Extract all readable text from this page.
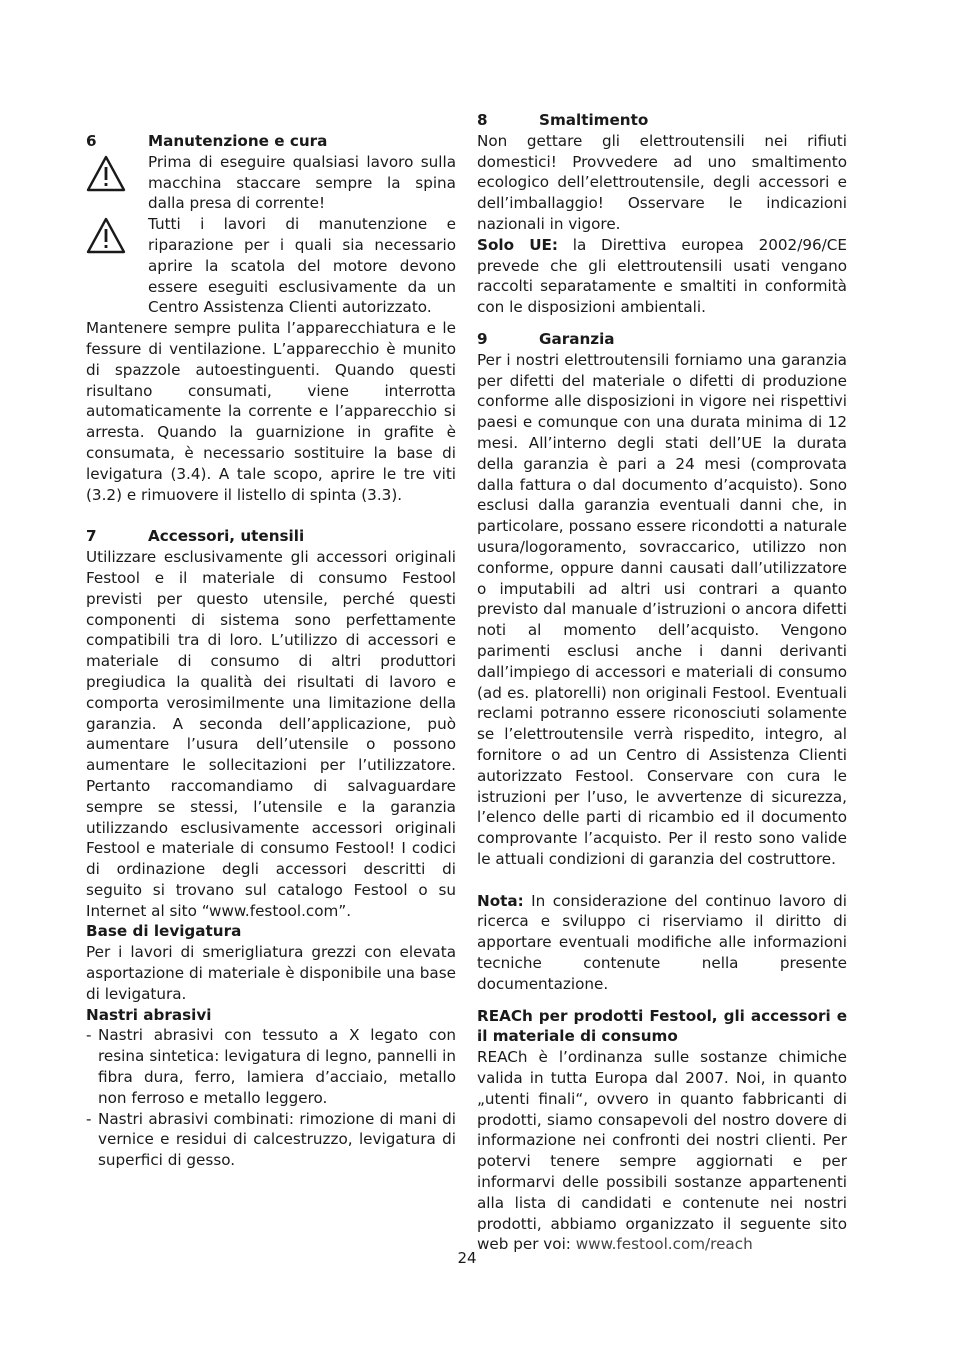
6	Manutenzione e cura

Prima di eseguire qualsiasi lavoro sulla macchina staccare sempre la spina dalla presa di corrente!

Tutti i lavori di manutenzione e riparazione per i quali sia necessario aprire la scatola del motore devono essere eseguiti esclusivamente da un Centro Assistenza Clienti autorizzato.

Mantenere sempre pulita l’apparecchiatura e le fessure di ventilazione. L’apparecchio è munito di spazzole autoestinguenti. Quando questi risultano consumati, viene interrotta automaticamente la corrente e l’apparecchio si arresta. Quando la guarnizione in grafite è consumata, è necessario sostituire la base di levigatura (3.4). A tale scopo, aprire le tre viti (3.2) e rimuovere il listello di spinta (3.3).

7	Accessori, utensili

Utilizzare esclusivamente gli accessori originali Festool e il materiale di consumo Festool previsti per questo utensile, perché questi componenti di sistema sono perfettamente compatibili tra di loro. L’utilizzo di accessori e materiale di consumo di altri produttori pregiudica la qualità dei risultati di lavoro e comporta verosimilmente una limitazione della garanzia. A seconda dell’applicazione, può aumentare l’usura dell’utensile o possono aumentare le sollecitazioni per l’utilizzatore. Pertanto raccomandiamo di salvaguardare sempre se stessi, l’utensile e la garanzia utilizzando esclusivamente accessori originali Festool e materiale di consumo Festool! I codici di ordinazione degli accessori descritti di seguito si trovano sul catalogo Festool o su Internet al sito “www.festool.com”.

Base di levigatura

Per i lavori di smerigliatura grezzi con elevata asportazione di materiale è disponibile una base di levigatura.

Nastri abrasivi
- Nastri abrasivi con tessuto a X legato con resina sintetica: levigatura di legno, pannelli in fibra dura, ferro, lamiera d’acciaio, metallo non ferroso e metallo leggero.

- Nastri abrasivi combinati: rimozione di mani di vernice e residui di calcestruzzo, levigatura di superfici di gesso.

8	Smaltimento

Non gettare gli elettroutensili nei rifiuti domestici! Provvedere ad uno smaltimento ecologico dell’elettroutensile, degli accessori e dell’imballaggio! Osservare le indicazioni nazionali in vigore.

Solo UE: la Direttiva europea 2002/96/CE prevede che gli elettroutensili usati vengano raccolti separatamente e smaltiti in conformità con le disposizioni ambientali.

9	Garanzia

Per i nostri elettroutensili forniamo una garanzia per difetti del materiale o difetti di produzione conforme alle disposizioni in vigore nei rispettivi paesi e comunque con una durata minima di 12 mesi. All’interno degli stati dell’UE la durata della garanzia è pari a 24 mesi (comprovata dalla fattura o dal documento d’acquisto). Sono esclusi dalla garanzia eventuali danni che, in particolare, possano essere ricondotti a naturale usura/logoramento, sovraccarico, utilizzo non conforme, oppure danni causati dall’utilizzatore o imputabili ad altri usi contrari a quanto previsto dal manuale d’istruzioni o ancora difetti noti al momento dell’acquisto. Vengono parimenti esclusi anche i danni derivanti dall’impiego di accessori e materiali di consumo (ad es. platorelli) non originali Festool. Eventuali reclami potranno essere riconosciuti solamente se l’elettroutensile verrà rispedito, integro, al fornitore o ad un Centro di Assistenza Clienti autorizzato Festool. Conservare con cura le istruzioni per l’uso, le avvertenze di sicurezza, l’elenco delle parti di ricambio ed il documento comprovante l’acquisto. Per il resto sono valide le attuali condizioni di garanzia del costruttore.

Nota: In considerazione del continuo lavoro di ricerca e sviluppo ci riserviamo il diritto di apportare eventuali modifiche alle informazioni tecniche contenute nella presente documentazione.

REACh per prodotti Festool, gli accessori e il materiale di consumo

REACh è l’ordinanza sulle sostanze chimiche valida in tutta Europa dal 2007. Noi, in quanto „utenti finali“, ovvero in quanto fabbricanti di prodotti, siamo consapevoli del nostro dovere di informazione nei confronti dei nostri clienti. Per potervi tenere sempre aggiornati e per informarvi delle possibili sostanze appartenenti alla lista di candidati e contenute nei nostri prodotti, abbiamo organizzato il seguente sito web per voi: www.festool.com/reach

24
